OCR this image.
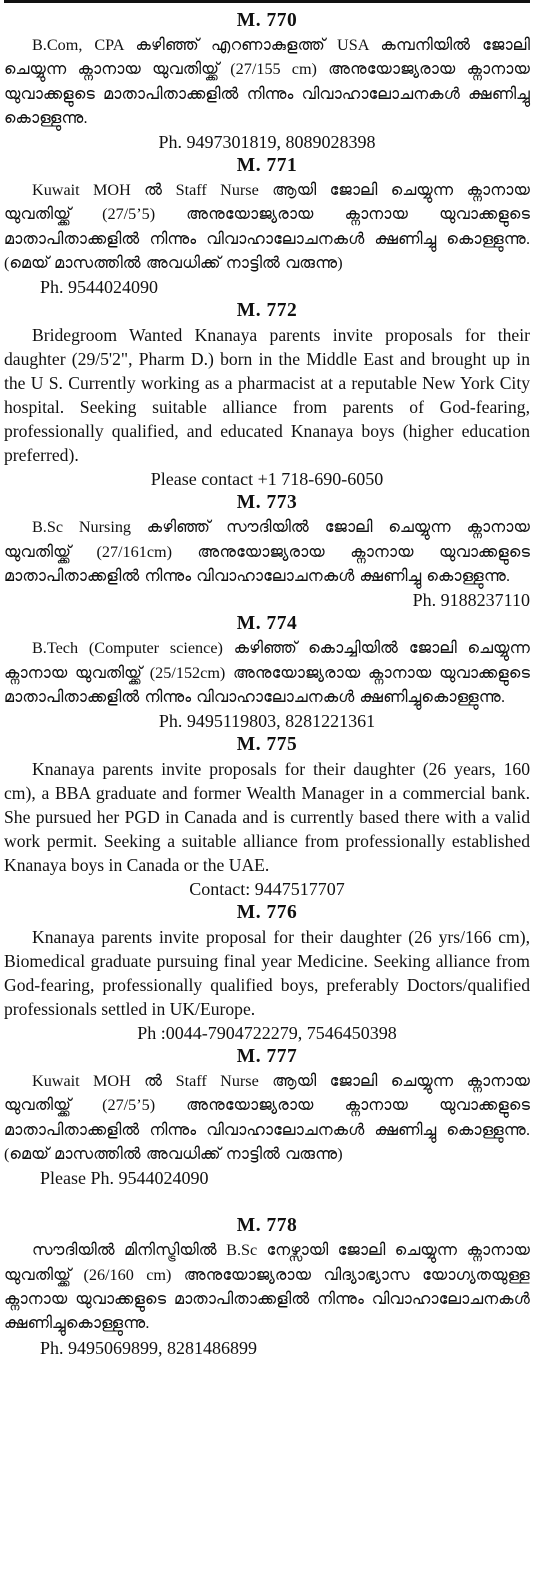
M. 770
B.Com, CPA കഴിഞ്ഞ് എറണാകുളത്ത് USA കമ്പനിയിൽ ജോലി ചെയ്യുന്ന ക്നാനായ യുവതിയ്ക്ക് (27/155 cm) അനുയോജ്യരായ ക്നാനായ യുവാക്കളുടെ മാതാപിതാക്കളിൽ നിന്നും വിവാഹാലോചനകൾ ക്ഷണിച്ചു കൊള്ളുന്നു.
Ph. 9497301819, 8089028398
M. 771
Kuwait MOH ൽ Staff Nurse ആയി ജോലി ചെയ്യുന്ന ക്നാനായ യുവതിയ്ക്ക് (27/5’5) അനുയോജ്യരായ ക്നാനായ യുവാക്കളുടെ മാതാപിതാക്കളിൽ നിന്നും വിവാഹാലോചനകൾ ക്ഷണിച്ചു കൊള്ളുന്നു. (മെയ് മാസത്തിൽ അവധിക്ക് നാട്ടിൽ വരുന്നു)
Ph. 9544024090
M. 772
Bridegroom Wanted Knanaya parents invite proposals for their daughter (29/5'2", Pharm D.) born in the Middle East and brought up in the U S. Currently working as a pharmacist at a reputable New York City hospital. Seeking suitable alliance from parents of God-fearing, professionally qualified, and educated Knanaya boys (higher education preferred).
Please contact +1 718-690-6050
M. 773
B.Sc Nursing കഴിഞ്ഞ് സൗദിയിൽ ജോലി ചെയ്യുന്ന ക്നാനായ യുവതിയ്ക്ക് (27/161cm) അനുയോജ്യരായ ക്നാനായ യുവാക്കളുടെ മാതാപിതാക്കളിൽ നിന്നും വിവാഹാലോചനകൾ ക്ഷണിച്ചു കൊള്ളുന്നു.
Ph. 9188237110
M. 774
B.Tech (Computer science) കഴിഞ്ഞ് കൊച്ചിയിൽ ജോലി ചെയ്യുന്ന ക്നാനായ യുവതിയ്ക്ക് (25/152cm) അനുയോജ്യരായ ക്നാനായ യുവാക്കളുടെ മാതാപിതാക്കളിൽ നിന്നും വിവാഹാലോചനകൾ ക്ഷണിച്ചുകൊള്ളുന്നു.
Ph. 9495119803, 8281221361
M. 775
Knanaya parents invite proposals for their daughter (26 years, 160 cm), a BBA graduate and former Wealth Manager in a commercial bank. She pursued her PGD in Canada and is currently based there with a valid work permit. Seeking a suitable alliance from professionally established Knanaya boys in Canada or the UAE.
Contact: 9447517707
M. 776
Knanaya parents invite proposal for their daughter (26 yrs/166 cm), Biomedical graduate pursuing final year Medicine. Seeking alliance from God-fearing, professionally qualified boys, preferably Doctors/qualified professionals settled in UK/Europe.
Ph :0044-7904722279, 7546450398
M. 777
Kuwait MOH ൽ Staff Nurse ആയി ജോലി ചെയ്യുന്ന ക്നാനായ യുവതിയ്ക്ക് (27/5’5) അനുയോജ്യരായ ക്നാനായ യുവാക്കളുടെ മാതാപിതാക്കളിൽ നിന്നും വിവാഹാലോചനകൾ ക്ഷണിച്ചു കൊള്ളുന്നു. (മെയ് മാസത്തിൽ അവധിക്ക് നാട്ടിൽ വരുന്നു)
Please Ph. 9544024090
M. 778
സൗദിയിൽ മിനിസ്ട്രിയിൽ B.Sc നേഴ്സായി ജോലി ചെയ്യുന്ന ക്നാനായ യുവതിയ്ക്ക് (26/160 cm) അനുയോജ്യരായ വിദ്യാഭ്യാസ യോഗ്യതയുള്ള ക്നാനായ യുവാക്കളുടെ മാതാപിതാക്കളിൽ നിന്നും വിവാഹാലോചനകൾ ക്ഷണിച്ചുകൊള്ളുന്നു.
Ph. 9495069899, 8281486899
